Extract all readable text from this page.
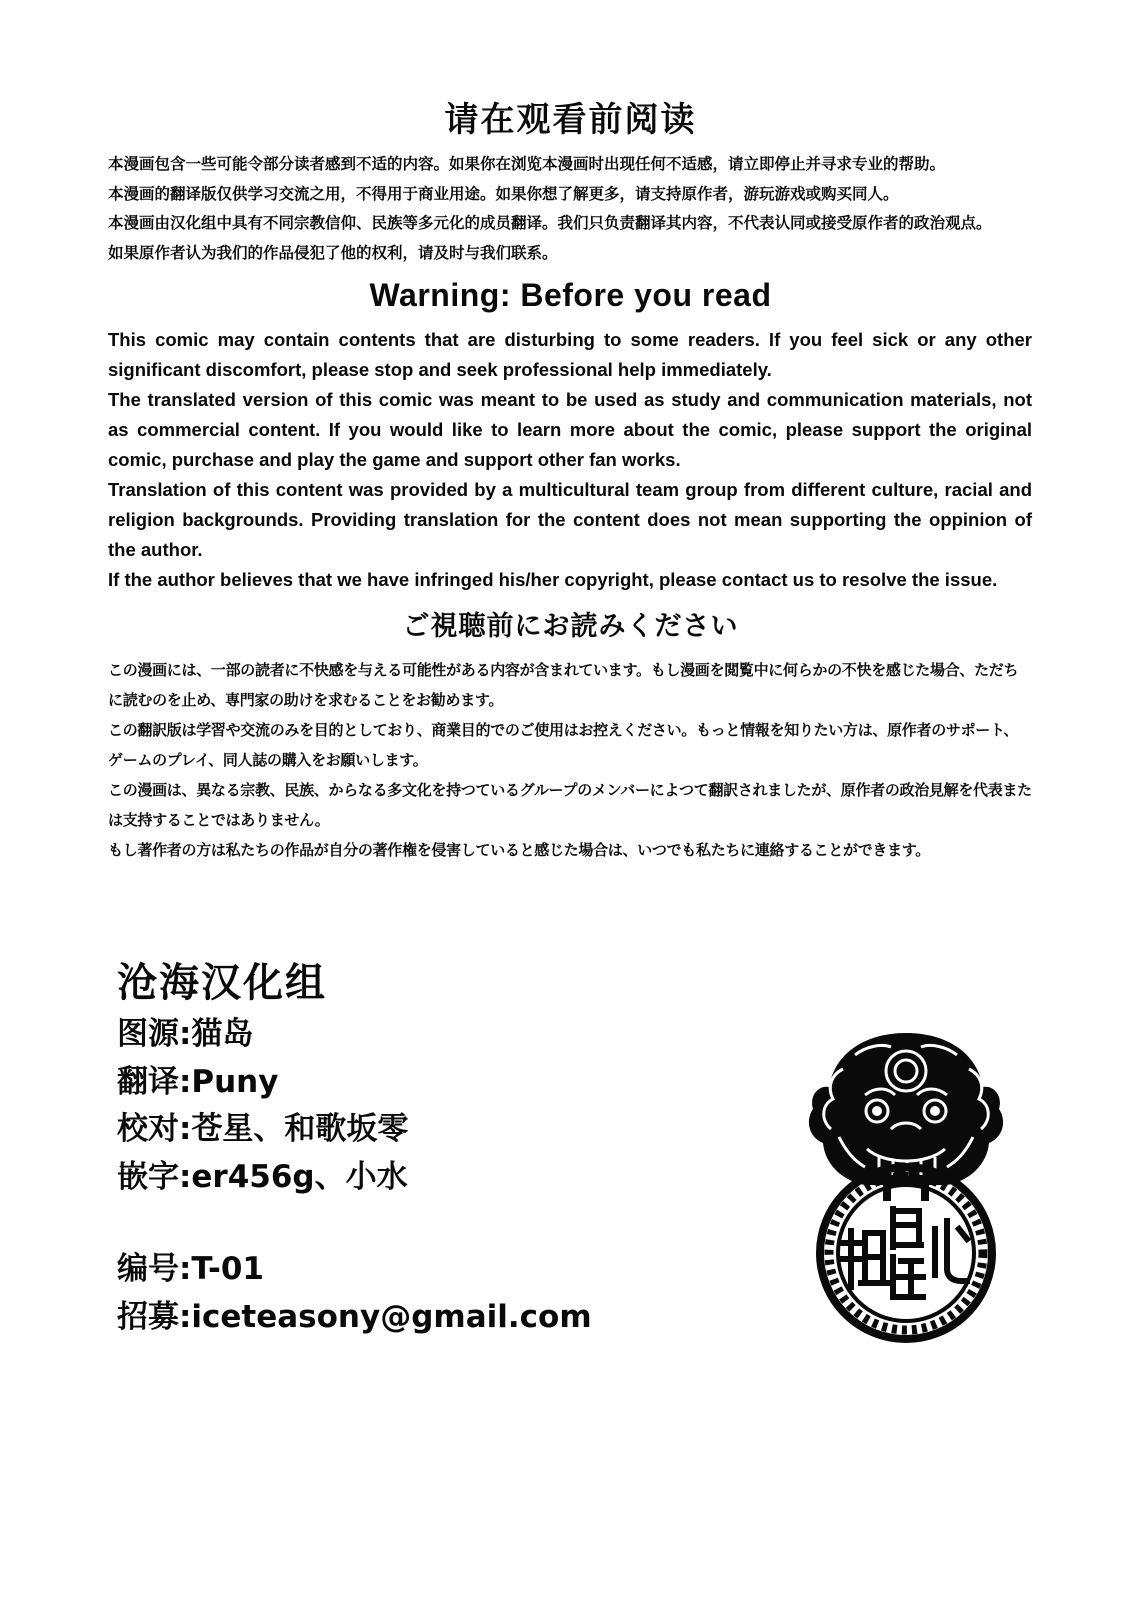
请在观看前阅读

本漫画包含一些可能令部分读者感到不适的内容。如果你在浏览本漫画时出现任何不适感，请立即停止并寻求专业的帮助。

本漫画的翻译版仅供学习交流之用，不得用于商业用途。如果你想了解更多，请支持原作者，游玩游戏或购买同人。

本漫画由汉化组中具有不同宗教信仰、民族等多元化的成员翻译。我们只负责翻译其内容，不代表认同或接受原作者的政治观点。

如果原作者认为我们的作品侵犯了他的权利，请及时与我们联系。

Warning: Before you read

This comic may contain contents that are disturbing to some readers. If you feel sick or any other significant discomfort, please stop and seek professional help immediately.

The translated version of this comic was meant to be used as study and communication materials, not as commercial content. If you would like to learn more about the comic, please support the original comic, purchase and play the game and support other fan works.

Translation of this content was provided by a multicultural team group from different culture, racial and religion backgrounds. Providing translation for the content does not mean supporting the oppinion of the author.

If the author believes that we have infringed his/her copyright, please contact us to resolve the issue.

ご視聴前にお読みください

この漫画には、一部の読者に不快感を与える可能性がある内容が含まれています。もし漫画を閲覧中に何らかの不快を感じた場合、ただちに読むのを止め、専門家の助けを求むることをお勧めます。

この翻訳版は学習や交流のみを目的としており、商業目的でのご使用はお控えください。もっと情報を知りたい方は、原作者のサポート、ゲームのプレイ、同人誌の購入をお願いします。

この漫画は、異なる宗教、民族、からなる多文化を持つているグループのメンバーによつて翻訳されましたが、原作者の政治見解を代表または支持することではありません。

もし著作者の方は私たちの作品が自分の著作権を侵害していると感じた場合は、いつでも私たちに連絡することができます。

沧海汉化组
图源:猫岛
翻译:Puny
校对:苍星、和歌坂零
嵌字:er456g、小水
编号:T-01
招募:iceteasony@gmail.com
